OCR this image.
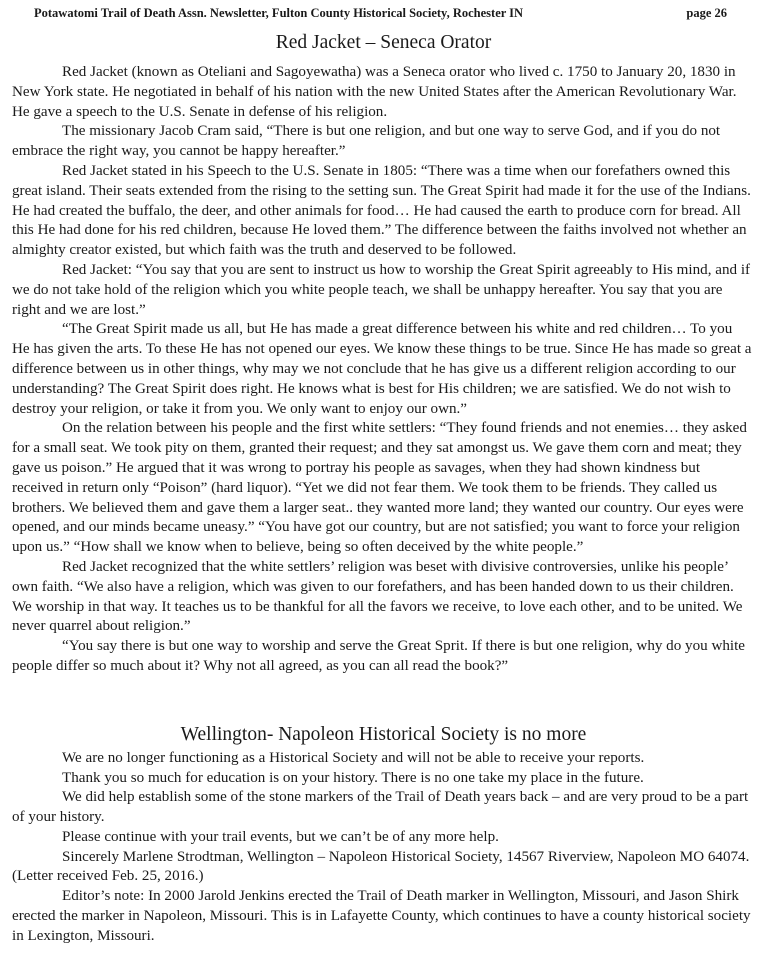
Potawatomi Trail of Death Assn. Newsletter, Fulton County Historical Society, Rochester IN	page 26
Red Jacket – Seneca Orator

Red Jacket (known as Oteliani and Sagoyewatha) was a Seneca orator who lived c. 1750 to January 20, 1830 in New York state. He negotiated in behalf of his nation with the new United States after the American Revolutionary War. He gave a speech to the U.S. Senate in defense of his religion.

The missionary Jacob Cram said, “There is but one religion, and but one way to serve God, and if you do not embrace the right way, you cannot be happy hereafter.”

Red Jacket stated in his Speech to the U.S. Senate in 1805: “There was a time when our forefathers owned this great island. Their seats extended from the rising to the setting sun. The Great Spirit had made it for the use of the Indians. He had created the buffalo, the deer, and other animals for food… He had caused the earth to produce corn for bread. All this He had done for his red children, because He loved them.” The difference between the faiths involved not whether an almighty creator existed, but which faith was the truth and deserved to be followed.

Red Jacket: “You say that you are sent to instruct us how to worship the Great Spirit agreeably to His mind, and if we do not take hold of the religion which you white people teach, we shall be unhappy hereafter. You say that you are right and we are lost.”

“The Great Spirit made us all, but He has made a great difference between his white and red children… To you He has given the arts. To these He has not opened our eyes. We know these things to be true. Since He has made so great a difference between us in other things, why may we not conclude that he has give us a different religion according to our understanding? The Great Spirit does right. He knows what is best for His children; we are satisfied. We do not wish to destroy your religion, or take it from you. We only want to enjoy our own.”

On the relation between his people and the first white settlers: “They found friends and not enemies… they asked for a small seat. We took pity on them, granted their request; and they sat amongst us. We gave them corn and meat; they gave us poison.” He argued that it was wrong to portray his people as savages, when they had shown kindness but received in return only “Poison” (hard liquor). “Yet we did not fear them. We took them to be friends. They called us brothers. We believed them and gave them a larger seat.. they wanted more land; they wanted our country. Our eyes were opened, and our minds became uneasy.” “You have got our country, but are not satisfied; you want to force your religion upon us.” “How shall we know when to believe, being so often deceived by the white people.”

Red Jacket recognized that the white settlers’ religion was beset with divisive controversies, unlike his people’ own faith. “We also have a religion, which was given to our forefathers, and has been handed down to us their children. We worship in that way. It teaches us to be thankful for all the favors we receive, to love each other, and to be united. We never quarrel about religion.”

“You say there is but one way to worship and serve the Great Sprit. If there is but one religion, why do you white people differ so much about it? Why not all agreed, as you can all read the book?”

Wellington- Napoleon Historical Society is no more

We are no longer functioning as a Historical Society and will not be able to receive your reports.

Thank you so much for education is on your history. There is no one take my place in the future.

We did help establish some of the stone markers of the Trail of Death years back – and are very proud to be a part of your history.

Please continue with your trail events, but we can’t be of any more help.

Sincerely Marlene Strodtman, Wellington – Napoleon Historical Society, 14567 Riverview, Napoleon MO 64074. (Letter received Feb. 25, 2016.)

Editor’s note: In 2000 Jarold Jenkins erected the Trail of Death marker in Wellington, Missouri, and Jason Shirk erected the marker in Napoleon, Missouri. This is in Lafayette County, which continues to have a county historical society in Lexington, Missouri.
